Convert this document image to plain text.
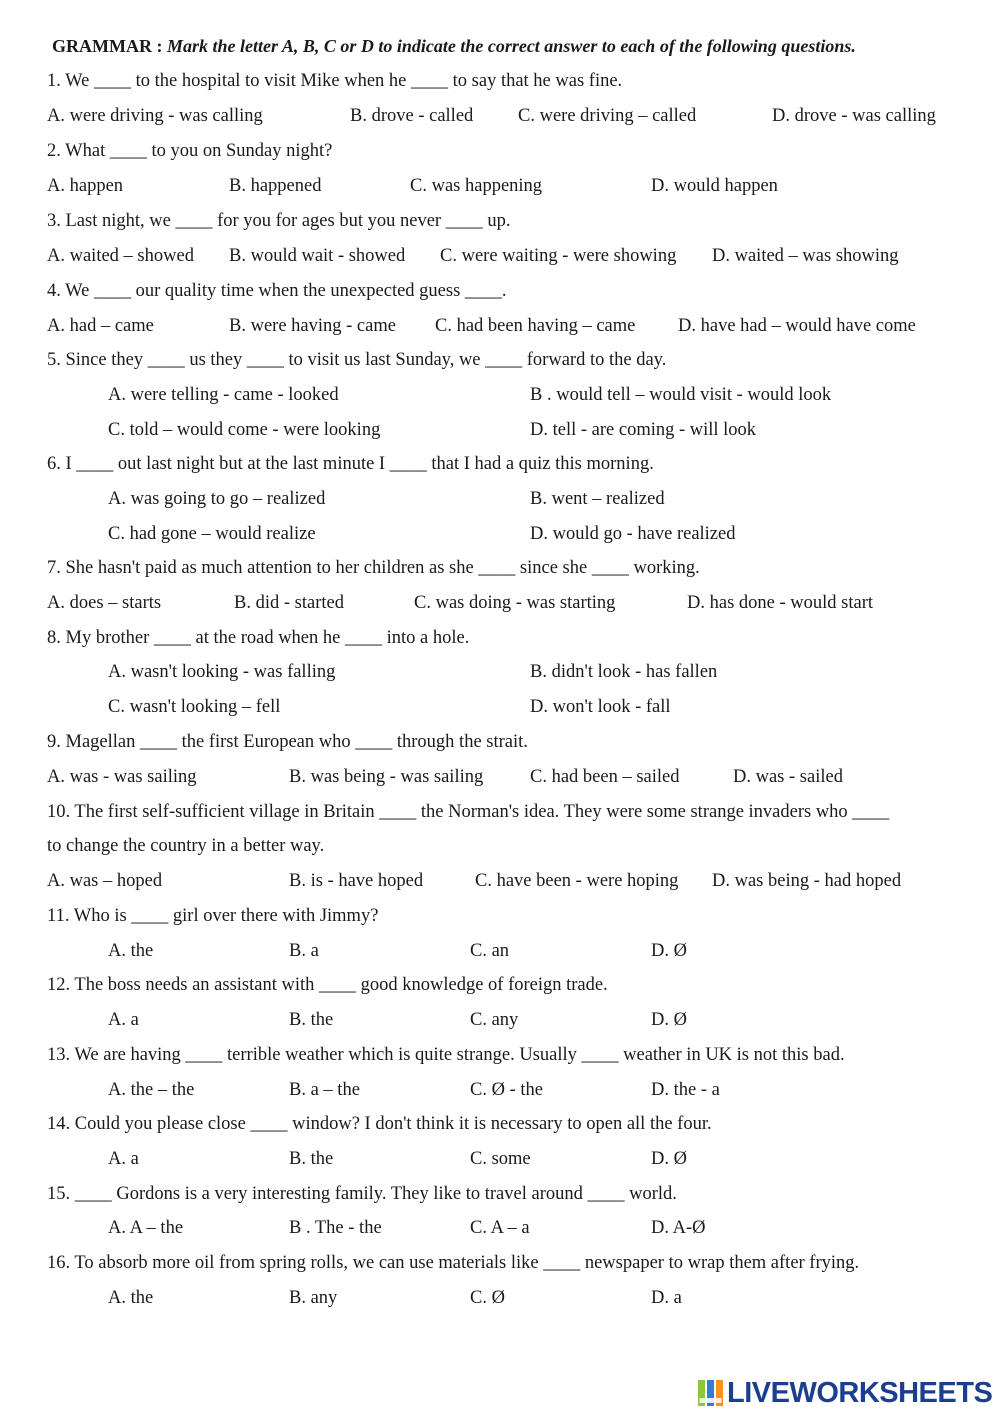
GRAMMAR : Mark the letter A, B, C or D to indicate the correct answer to each of the following questions.
1. We ____ to the hospital to visit Mike when he ____ to say that he was fine.
A. were driving - was calling	B. drove - called C. were driving – called	D. drove - was calling
2. What ____ to you on Sunday night?
A. happen	B. happened	C. was happening	D. would happen
3. Last night, we ____ for you for ages but you never ____ up.
A. waited – showed B. would wait - showed C. were waiting - were showing D. waited – was showing
4. We ____ our quality time when the unexpected guess ____.
A. had – came	B. were having - came C. had been having – came D. have had – would have come
5. Since they ____ us they ____ to visit us last Sunday, we ____ forward to the day.
A. were telling - came - looked	B . would tell – would visit - would look
C. told – would come - were looking	D. tell - are coming - will look
6. I ____ out last night but at the last minute I ____ that I had a quiz this morning.
A. was going to go – realized	B. went – realized
C. had gone – would realize	D. would go - have realized
7. She hasn't paid as much attention to her children as she ____ since she ____ working.
A. does – starts	B. did - started	C. was doing - was starting	D. has done - would start
8. My brother ____ at the road when he ____ into a hole.
A. wasn't looking - was falling	B. didn't look - has fallen
C. wasn't looking – fell	D. won't look - fall
9. Magellan ____ the first European who ____ through the strait.
A. was - was sailing	B. was being - was sailing	C. had been – sailed	D. was - sailed
10. The first self-sufficient village in Britain ____ the Norman's idea. They were some strange invaders who ____
to change the country in a better way.
A. was – hoped	B. is - have hoped	C. have been - were hoping D. was being - had hoped
11. Who is ____ girl over there with Jimmy?
A. the	B. a	C. an	D. Ø
12. The boss needs an assistant with ____ good knowledge of foreign trade.
A. a	B. the	C. any	D. Ø
13. We are having ____ terrible weather which is quite strange. Usually ____ weather in UK is not this bad.
A. the – the	B. a – the	C. Ø - the	D. the - a
14. Could you please close ____ window? I don't think it is necessary to open all the four.
A. a	B. the	C. some	D. Ø
15. ____ Gordons is a very interesting family. They like to travel around ____ world.
A. A – the	B . The - the	C. A – a	D. A-Ø
16. To absorb more oil from spring rolls, we can use materials like ____ newspaper to wrap them after frying.
A. the	B. any	C. Ø	D. a
LIVEWORKSHEETS
